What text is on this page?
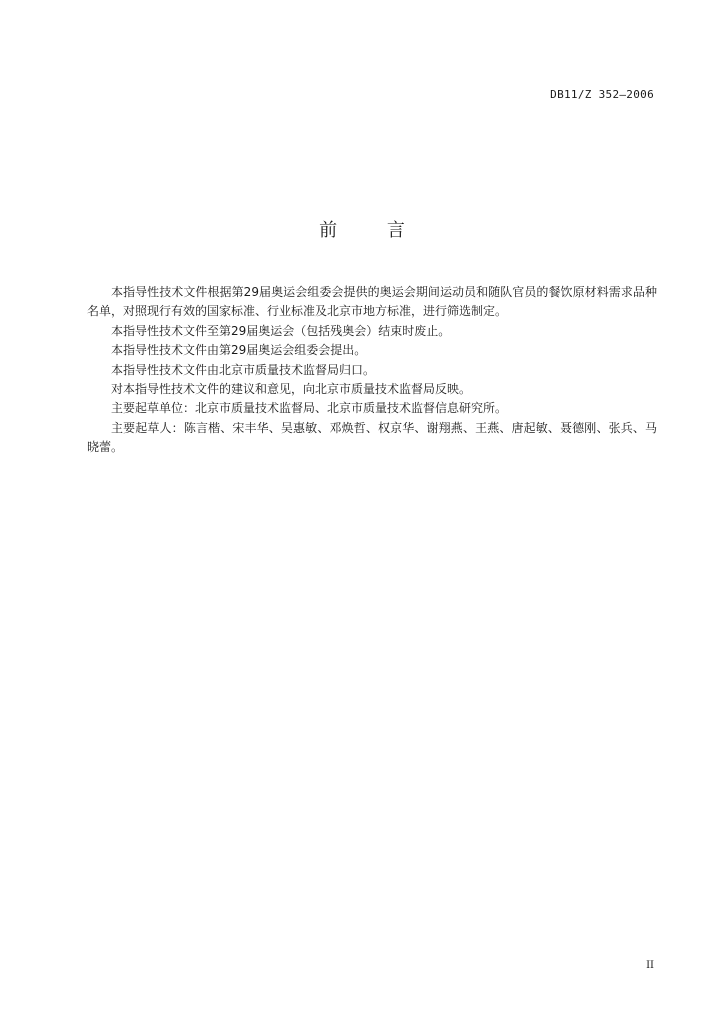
DB11/Z 352—2006
前 言

本指导性技术文件根据第29届奥运会组委会提供的奥运会期间运动员和随队官员的餐饮原材料需求品种名单，对照现行有效的国家标准、行业标准及北京市地方标准，进行筛选制定。

本指导性技术文件至第29届奥运会（包括残奥会）结束时废止。

本指导性技术文件由第29届奥运会组委会提出。

本指导性技术文件由北京市质量技术监督局归口。

对本指导性技术文件的建议和意见，向北京市质量技术监督局反映。

主要起草单位：北京市质量技术监督局、北京市质量技术监督信息研究所。

主要起草人：陈言楷、宋丰华、吴惠敏、邓焕哲、权京华、谢翔燕、王燕、唐起敏、聂德刚、张兵、马晓蕾。

II
